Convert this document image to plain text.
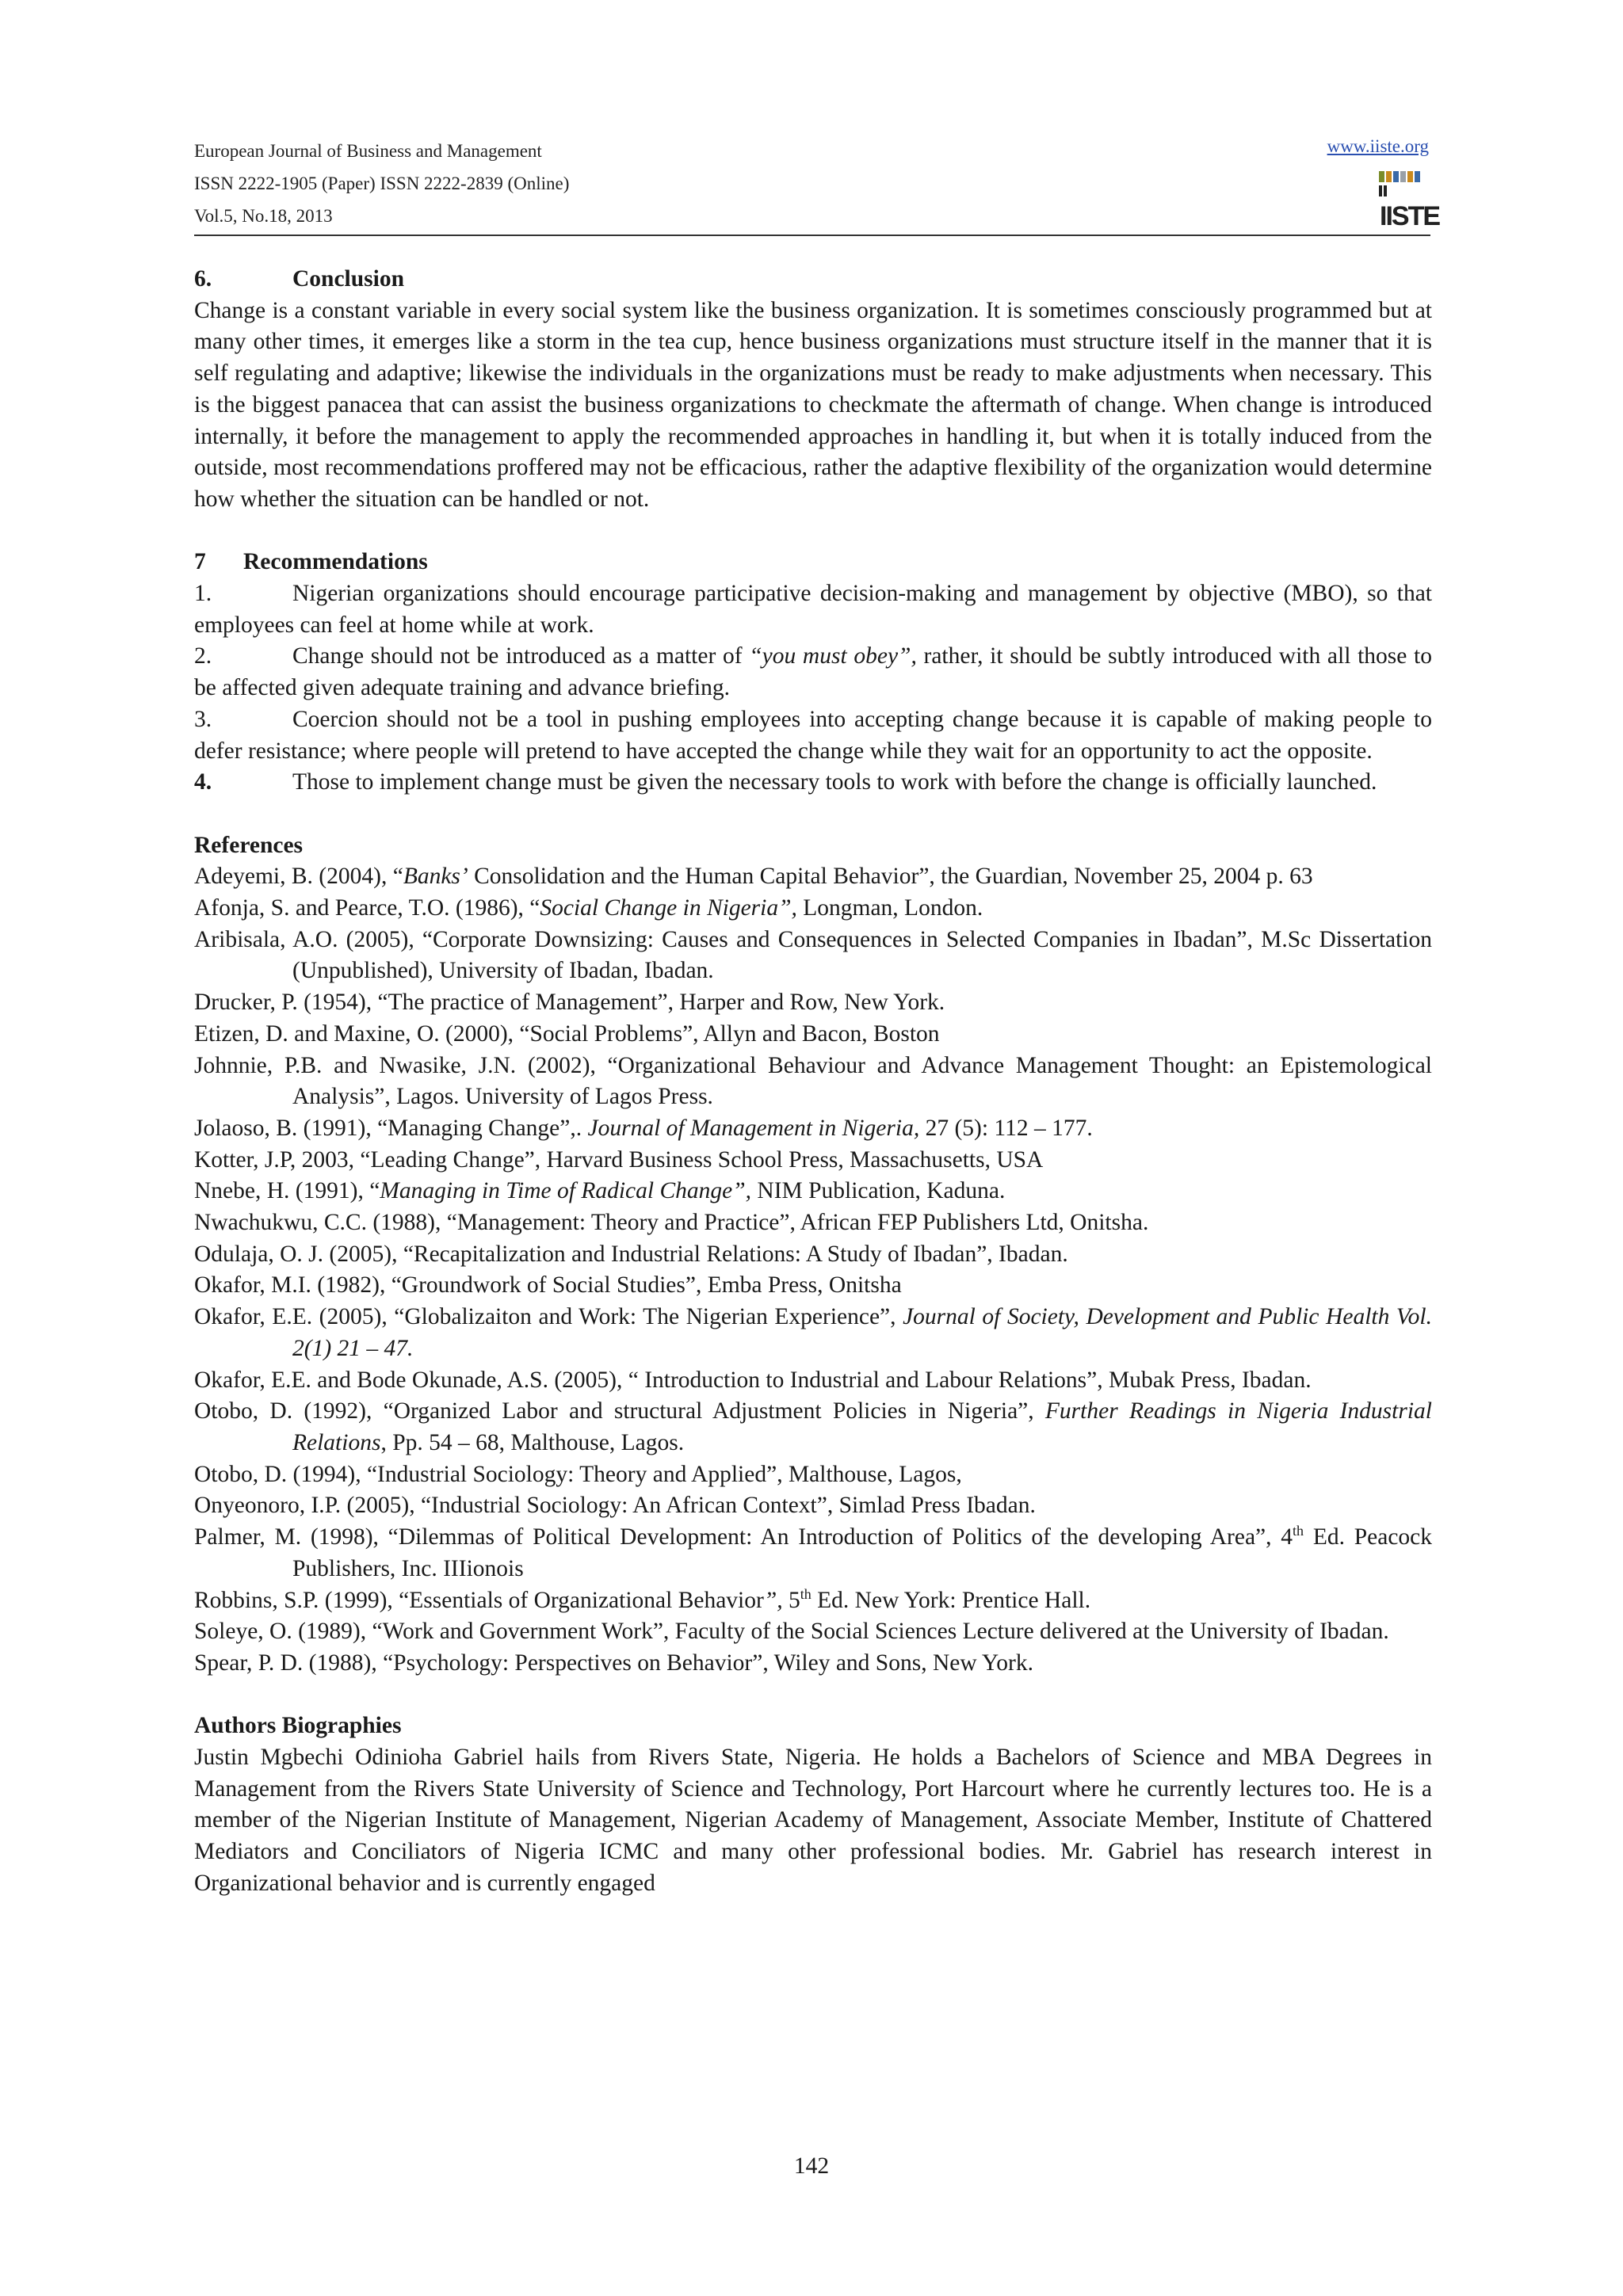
European Journal of Business and Management
ISSN 2222-1905 (Paper) ISSN 2222-2839 (Online)
Vol.5, No.18, 2013
www.iiste.org
IISTE

6.	Conclusion

Change is a constant variable in every social system like the business organization. It is sometimes consciously programmed but at many other times, it emerges like a storm in the tea cup, hence business organizations must structure itself in the manner that it is self regulating and adaptive; likewise the individuals in the organizations must be ready to make adjustments when necessary. This is the biggest panacea that can assist the business organizations to checkmate the aftermath of change. When change is introduced internally, it before the management to apply the recommended approaches in handling it, but when it is totally induced from the outside, most recommendations proffered may not be efficacious, rather the adaptive flexibility of the organization would determine how whether the situation can be handled or not.

7 Recommendations

1.	Nigerian organizations should encourage participative decision-making and management by objective (MBO), so that employees can feel at home while at work.

2.	Change should not be introduced as a matter of “you must obey”, rather, it should be subtly introduced with all those to be affected given adequate training and advance briefing.

3.	Coercion should not be a tool in pushing employees into accepting change because it is capable of making people to defer resistance; where people will pretend to have accepted the change while they wait for an opportunity to act the opposite.

4.	Those to implement change must be given the necessary tools to work with before the change is officially launched.

References

Adeyemi, B. (2004), “Banks’ Consolidation and the Human Capital Behavior”, the Guardian, November 25, 2004 p. 63

Afonja, S. and Pearce, T.O. (1986), “Social Change in Nigeria”, Longman, London.

Aribisala, A.O. (2005), “Corporate Downsizing: Causes and Consequences in Selected Companies in Ibadan”, M.Sc Dissertation (Unpublished), University of Ibadan, Ibadan.

Drucker, P. (1954), “The practice of Management”, Harper and Row, New York.

Etizen, D. and Maxine, O. (2000), “Social Problems”, Allyn and Bacon, Boston

Johnnie, P.B. and Nwasike, J.N. (2002), “Organizational Behaviour and Advance Management Thought: an Epistemological Analysis”, Lagos. University of Lagos Press.

Jolaoso, B. (1991), “Managing Change”,. Journal of Management in Nigeria, 27 (5): 112 – 177.

Kotter, J.P, 2003, “Leading Change”, Harvard Business School Press, Massachusetts, USA

Nnebe, H. (1991), “Managing in Time of Radical Change”, NIM Publication, Kaduna.

Nwachukwu, C.C. (1988), “Management: Theory and Practice”, African FEP Publishers Ltd, Onitsha.

Odulaja, O. J. (2005), “Recapitalization and Industrial Relations: A Study of Ibadan”, Ibadan.

Okafor, M.I. (1982), “Groundwork of Social Studies”, Emba Press, Onitsha

Okafor, E.E. (2005), “Globalizaiton and Work: The Nigerian Experience”, Journal of Society, Development and Public Health Vol. 2(1) 21 – 47.

Okafor, E.E. and Bode Okunade, A.S. (2005), “ Introduction to Industrial and Labour Relations”, Mubak Press, Ibadan.

Otobo, D. (1992), “Organized Labor and structural Adjustment Policies in Nigeria”, Further Readings in Nigeria Industrial Relations, Pp. 54 – 68, Malthouse, Lagos.

Otobo, D. (1994), “Industrial Sociology: Theory and Applied”, Malthouse, Lagos,

Onyeonoro, I.P. (2005), “Industrial Sociology: An African Context”, Simlad Press Ibadan.

Palmer, M. (1998), “Dilemmas of Political Development: An Introduction of Politics of the developing Area”, 4th Ed. Peacock Publishers, Inc. IIIionois

Robbins, S.P. (1999), “Essentials of Organizational Behavior”, 5th Ed. New York: Prentice Hall.

Soleye, O. (1989), “Work and Government Work”, Faculty of the Social Sciences Lecture delivered at the University of Ibadan.

Spear, P. D. (1988), “Psychology: Perspectives on Behavior”, Wiley and Sons, New York.

Authors Biographies

Justin Mgbechi Odinioha Gabriel hails from Rivers State, Nigeria. He holds a Bachelors of Science and MBA Degrees in Management from the Rivers State University of Science and Technology, Port Harcourt where he currently lectures too. He is a member of the Nigerian Institute of Management, Nigerian Academy of Management, Associate Member, Institute of Chattered Mediators and Conciliators of Nigeria ICMC and many other professional bodies. Mr. Gabriel has research interest in Organizational behavior and is currently engaged

142
